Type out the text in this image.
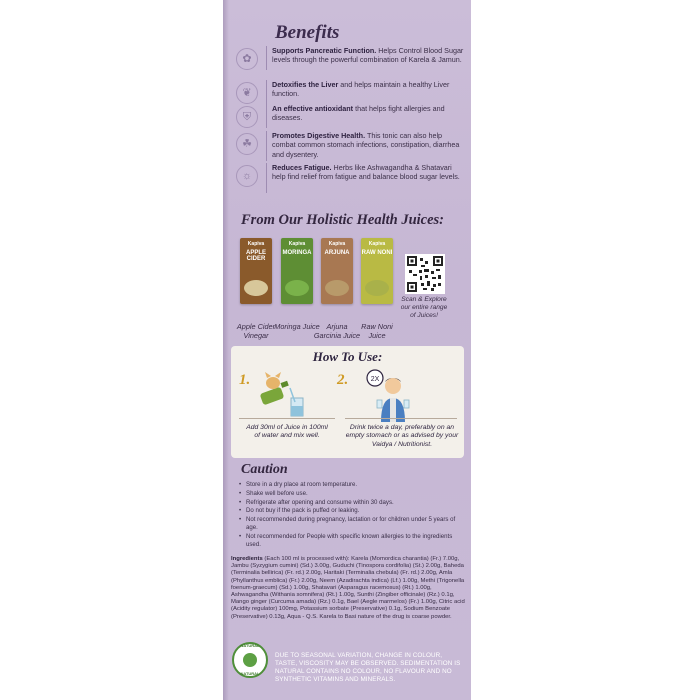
Benefits
✿
Supports Pancreatic Function. Helps Control Blood Sugar levels through the powerful combination of Karela & Jamun.
❦
Detoxifies the Liver and helps maintain a healthy Liver function.
⛨
An effective antioxidant that helps fight allergies and diseases.
☘
Promotes Digestive Health. This tonic can also help combat common stomach infections, constipation, diarrhea and dysentery.
☼
Reduces Fatigue. Herbs like Ashwagandha & Shatavari help find relief from fatigue and balance blood sugar levels.
From Our Holistic Health Juices:
Kapiva
APPLE CIDER
Kapiva
MORINGA
Kapiva
ARJUNA
Kapiva
RAW NONI
Apple Cider Vinegar
Moringa Juice Arjuna Garcinia Juice
Raw Noni Juice
Scan & Explore our entire range of Juices!
How To Use:
1.	2.	2X
Add 30ml of Juice in 100ml of water and mix well.
Drink twice a day, preferably on an empty stomach or as advised by your Vaidya / Nutritionist.
Caution
• Store in a dry place at room temperature.
• Shake well before use.
• Refrigerate after opening and consume within 30 days.
• Do not buy if the pack is puffed or leaking.
• Not recommended during pregnancy, lactation or for children under 5 years of age.
• Not recommended for People with specific known allergies to the ingredients used.
Ingredients (Each 100 ml is processed with): Karela (Momordica charantia) (Fr.) 7.00g, Jambu (Syzygium cumini) (Sd.) 3.00g, Guduchi (Tinospora cordifolia) (St.) 2.00g, Baheda (Terminalia bellirica) (Fr. rd.) 2.00g, Haritaki (Terminalia chebula) (Fr. rd.) 2.00g, Amla (Phyllanthus emblica) (Fr.) 2.00g, Neem (Azadirachta indica) (Lf.) 1.00g, Methi (Trigonella foenum-graecum) (Sd.) 1.00g, Shatavari (Asparagus racemosus) (Rt.) 1.00g, Ashwagandha (Withania somnifera) (Rt.) 1.00g, Sunthi (Zingiber officinale) (Rz.) 0.1g, Mango ginger (Curcuma amada) (Rz.) 0.1g, Bael (Aegle marmelos) (Fr.) 1.00g, Citric acid (Acidity regulator) 100mg, Potassium sorbate (Preservative) 0.1g, Sodium Benzoate (Preservative) 0.13g, Aqua - Q.S. Karela to Basi nature of the drug is coarse powder.
NATURAL
NATURAL
DUE TO SEASONAL VARIATION, CHANGE IN COLOUR, TASTE, VISCOSITY MAY BE OBSERVED. SEDIMENTATION IS NATURAL CONTAINS NO COLOUR, NO FLAVOUR AND NO SYNTHETIC VITAMINS AND MINERALS.
